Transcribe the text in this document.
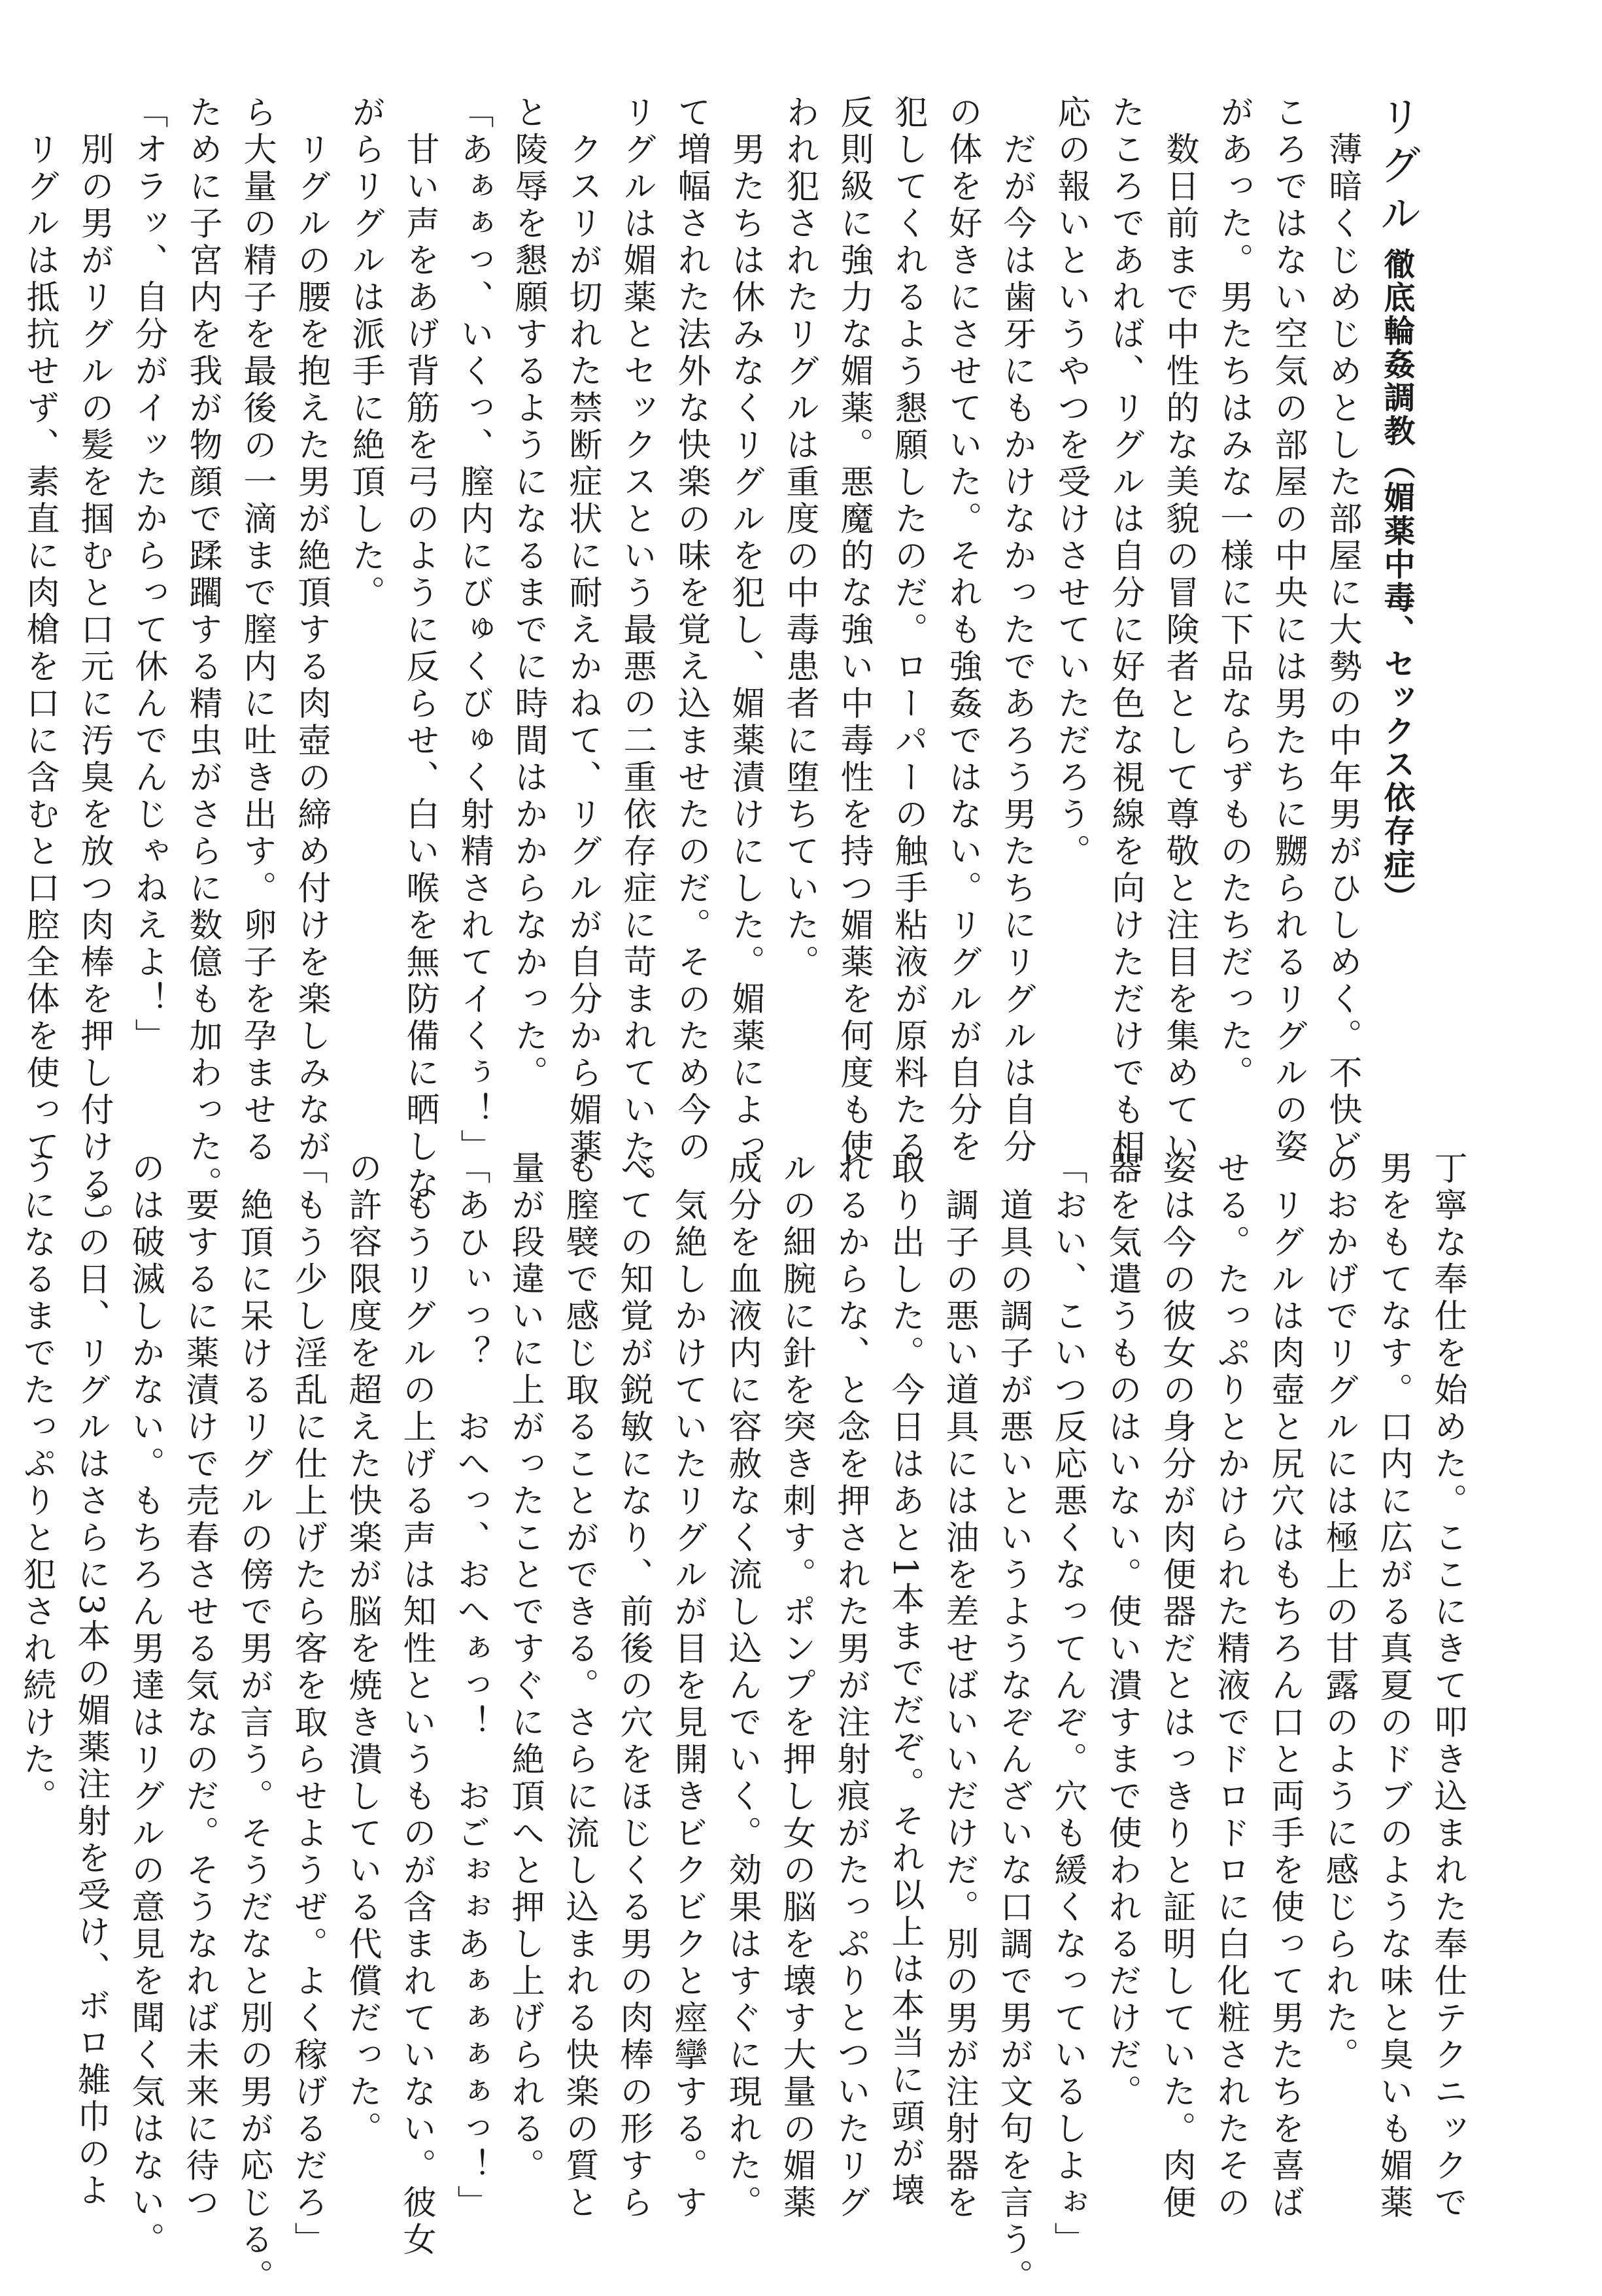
リグル徹底輪姦調教（媚薬中毒、セックス依存症）
　薄暗くじめじめとした部屋に大勢の中年男がひしめく。不快ど
ころではない空気の部屋の中央には男たちに嬲られるリグルの姿
があった。男たちはみな一様に下品ならずものたちだった。
　数日前まで中性的な美貌の冒険者として尊敬と注目を集めてい
たころであれば、リグルは自分に好色な視線を向けただけでも相
応の報いというやつを受けさせていただろう。
　だが今は歯牙にもかけなかったであろう男たちにリグルは自分
の体を好きにさせていた。それも強姦ではない。リグルが自分を
犯してくれるよう懇願したのだ。ローパーの触手粘液が原料たる
反則級に強力な媚薬。悪魔的な強い中毒性を持つ媚薬を何度も使
われ犯されたリグルは重度の中毒患者に堕ちていた。
　男たちは休みなくリグルを犯し、媚薬漬けにした。媚薬によっ
て増幅された法外な快楽の味を覚え込ませたのだ。そのため今の
リグルは媚薬とセックスという最悪の二重依存症に苛まれていた。
　クスリが切れた禁断症状に耐えかねて、リグルが自分から媚薬
と陵辱を懇願するようになるまでに時間はかからなかった。
「あぁぁっ、いくっ、膣内にびゅくびゅく射精されてイくぅ！」
　甘い声をあげ背筋を弓のように反らせ、白い喉を無防備に晒しな
がらリグルは派手に絶頂した。
　リグルの腰を抱えた男が絶頂する肉壺の締め付けを楽しみなが
ら大量の精子を最後の一滴まで膣内に吐き出す。卵子を孕ませる
ために子宮内を我が物顔で蹂躙する精虫がさらに数億も加わった。
「オラッ、自分がイッたからって休んでんじゃねえよ！」
　別の男がリグルの髪を掴むと口元に汚臭を放つ肉棒を押し付ける。
　リグルは抵抗せず、素直に肉槍を口に含むと口腔全体を使って
丁寧な奉仕を始めた。ここにきて叩き込まれた奉仕テクニックで
男をもてなす。口内に広がる真夏のドブのような味と臭いも媚薬
のおかげでリグルには極上の甘露のように感じられた。
　リグルは肉壺と尻穴はもちろん口と両手を使って男たちを喜ば
せる。たっぷりとかけられた精液でドロドロに白化粧されたその
姿は今の彼女の身分が肉便器だとはっきりと証明していた。肉便
器を気遣うものはいない。使い潰すまで使われるだけだ。
「おい、こいつ反応悪くなってんぞ。穴も緩くなっているしよぉ」
　道具の調子が悪いというようなぞんざいな口調で男が文句を言う。
　調子の悪い道具には油を差せばいいだけだ。別の男が注射器を
取り出した。今日はあと1本までだぞ。それ以上は本当に頭が壊
れるからな、と念を押された男が注射痕がたっぷりとついたリグ
ルの細腕に針を突き刺す。ポンプを押し女の脳を壊す大量の媚薬
成分を血液内に容赦なく流し込んでいく。効果はすぐに現れた。
　気絶しかけていたリグルが目を見開きビクビクと痙攣する。す
べての知覚が鋭敏になり、前後の穴をほじくる男の肉棒の形すら
も膣襞で感じ取ることができる。さらに流し込まれる快楽の質と
量が段違いに上がったことですぐに絶頂へと押し上げられる。
「あひぃっ？　おへっ、おへぁっ！　おごぉぉあぁぁぁぁっ！」
　もうリグルの上げる声は知性というものが含まれていない。彼女
の許容限度を超えた快楽が脳を焼き潰している代償だった。
「もう少し淫乱に仕上げたら客を取らせようぜ。よく稼げるだろ」
　絶頂に呆けるリグルの傍で男が言う。そうだなと別の男が応じる。
　要するに薬漬けで売春させる気なのだ。そうなれば未来に待つ
のは破滅しかない。もちろん男達はリグルの意見を聞く気はない。
　この日、リグルはさらに3本の媚薬注射を受け、ボロ雑巾のよ
うになるまでたっぷりと犯され続けた。
